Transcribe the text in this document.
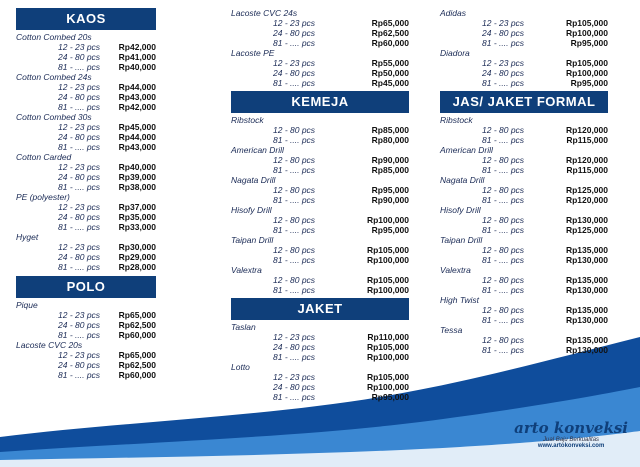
KAOS
Cotton Combed 20s
12 - 23 pcs Rp42,000
24 - 80 pcs Rp41,000
81 - .... pcs Rp40,000
Cotton Combed 24s
12 - 23 pcs Rp44,000
24 - 80 pcs Rp43,000
81 - .... pcs Rp42,000
Cotton Combed 30s
12 - 23 pcs Rp45,000
24 - 80 pcs Rp44,000
81 - .... pcs Rp43,000
Cotton Carded
12 - 23 pcs Rp40,000
24 - 80 pcs Rp39,000
81 - .... pcs Rp38,000
PE (polyester)
12 - 23 pcs Rp37,000
24 - 80 pcs Rp35,000
81 - .... pcs Rp33,000
Hyget
12 - 23 pcs Rp30,000
24 - 80 pcs Rp29,000
81 - .... pcs Rp28,000
POLO
Pique
12 - 23 pcs Rp65,000
24 - 80 pcs Rp62,500
81 - .... pcs Rp60,000
Lacoste CVC 20s
12 - 23 pcs Rp65,000
24 - 80 pcs Rp62,500
81 - .... pcs Rp60,000
Lacoste CVC 24s
12 - 23 pcs	Rp65,000
24 - 80 pcs	Rp62,500
81 - .... pcs	Rp60,000
Lacoste PE
12 - 23 pcs	Rp55,000
24 - 80 pcs	Rp50,000
81 - .... pcs	Rp45,000
KEMEJA
Ribstock
12 - 80 pcs	Rp85,000
81 - .... pcs	Rp80,000
American Drill
12 - 80 pcs	Rp90,000
81 - .... pcs	Rp85,000
Nagata Drill
12 - 80 pcs	Rp95,000
81 - .... pcs	Rp90,000
Hisofy Drill
12 - 80 pcs	Rp100,000
81 - .... pcs	Rp95,000
Taipan Drill
12 - 80 pcs	Rp105,000
81 - .... pcs	Rp100,000
Valextra
12 - 80 pcs	Rp105,000
81 - .... pcs	Rp100,000
JAKET
Taslan
12 - 23 pcs	Rp110,000
24 - 80 pcs	Rp105,000
81 - .... pcs	Rp100,000
Lotto
12 - 23 pcs	Rp105,000
24 - 80 pcs	Rp100,000
81 - .... pcs	Rp95,000
Adidas
12 - 23 pcs	Rp105,000
24 - 80 pcs	Rp100,000
81 - .... pcs	Rp95,000
Diadora
12 - 23 pcs	Rp105,000
24 - 80 pcs	Rp100,000
81 - .... pcs	Rp95,000
JAS/ JAKET FORMAL
Ribstock
12 - 80 pcs	Rp120,000
81 - .... pcs	Rp115,000
American Drill
12 - 80 pcs	Rp120,000
81 - .... pcs	Rp115,000
Nagata Drill
12 - 80 pcs	Rp125,000
81 - .... pcs	Rp120,000
Hisofy Drill
12 - 80 pcs	Rp130,000
81 - .... pcs	Rp125,000
Taipan Drill
12 - 80 pcs	Rp135,000
81 - .... pcs	Rp130,000
Valextra
12 - 80 pcs	Rp135,000
81 - .... pcs	Rp130,000
High Twist
12 - 80 pcs	Rp135,000
81 - .... pcs	Rp130,000
Tessa
12 - 80 pcs	Rp135,000
81 - .... pcs	Rp130,000
arto konveksi
Jual Baju Berkualitas
www.artokonveksi.com
